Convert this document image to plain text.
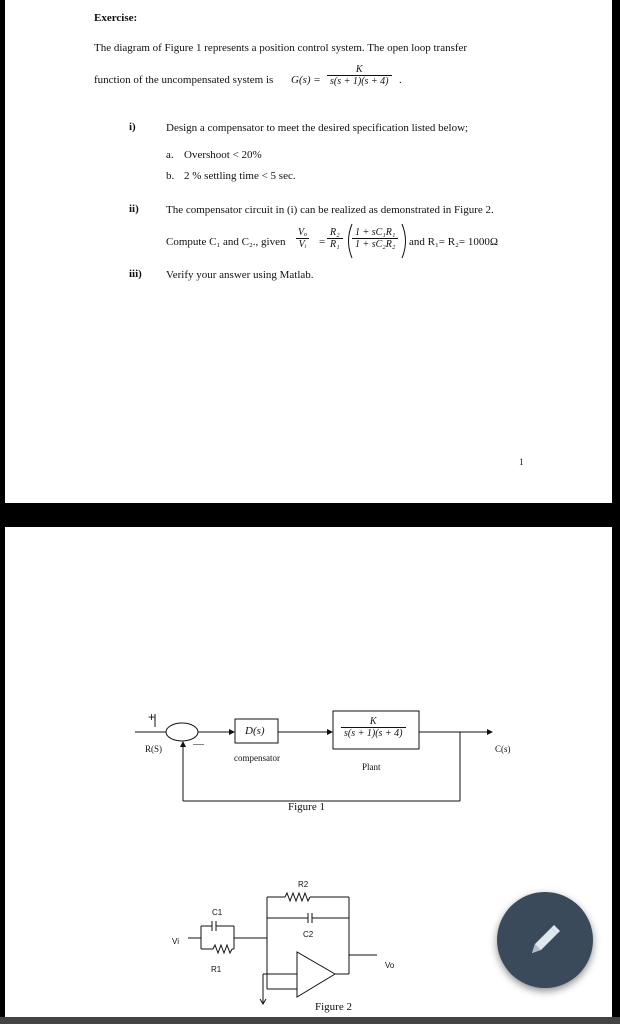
Exercise:
The diagram of Figure 1 represents a position control system. The open loop transfer
function of the uncompensated system is $G(s) = \frac{K}{s(s + 1)(s + 4)}$ .
i)	Design a compensator to meet the desired specification listed below;
a. Overshoot < 20%
b. 2 % settling time < 5 sec.
ii) The compensator circuit in (i) can be realized as demonstrated in Figure 2.
Compute C₁ and C₂., given $\frac{\text{Vₒ}}{\text{Vᵢ}} = \frac{\text{R₂}}{\text{R₁}} \frac{\text{1 + sC₁R₁}}{\text{1 + sC₂R₂}}$ and R₁= R₂= 1000Ω
iii) Verify your answer using Matlab.
1
+
—
R(S)	C(s)
D(s)
compensator
$\frac{K}{s(s + 1)(s + 4)}$
Plant
Figure 1
R2
C1
C2
R1
Vi
Vo
Figure 2
